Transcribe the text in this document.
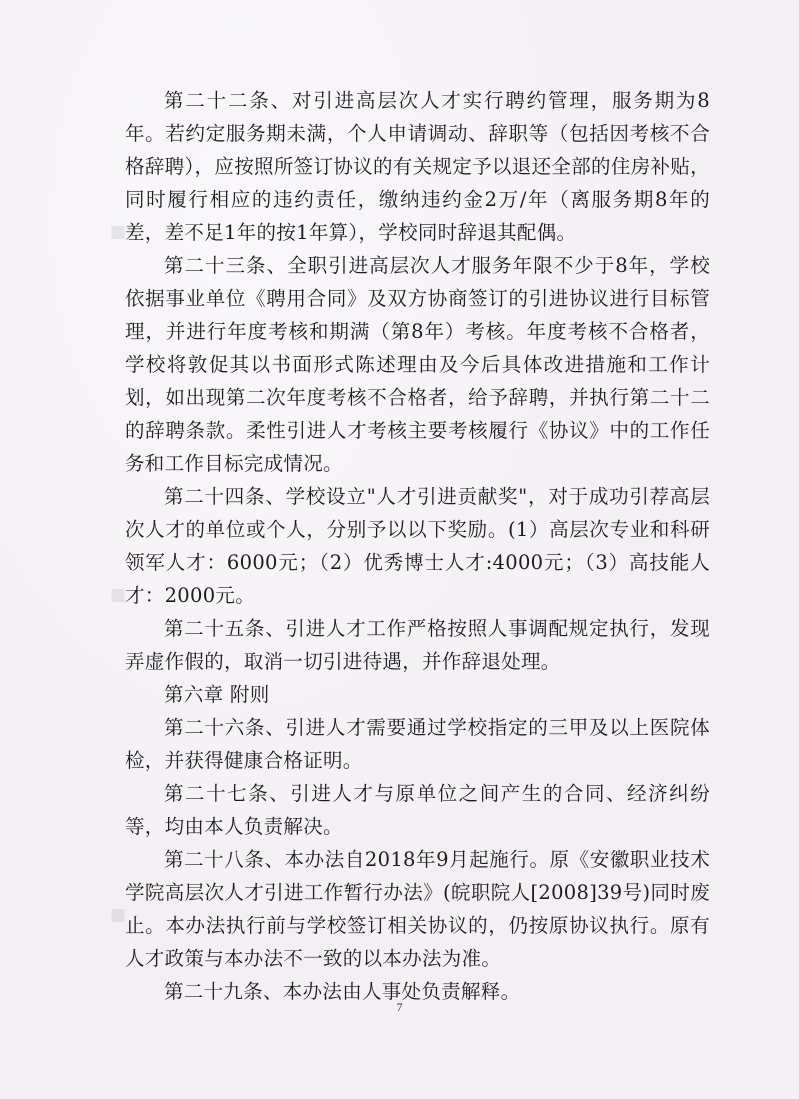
■
■
■

第二十二条、对引进高层次人才实行聘约管理，服务期为8年。若约定服务期未满，个人申请调动、辞职等（包括因考核不合格辞聘），应按照所签订协议的有关规定予以退还全部的住房补贴，同时履行相应的违约责任，缴纳违约金2万/年（离服务期8年的差，差不足1年的按1年算），学校同时辞退其配偶。

第二十三条、全职引进高层次人才服务年限不少于8年，学校依据事业单位《聘用合同》及双方协商签订的引进协议进行目标管理，并进行年度考核和期满（第8年）考核。年度考核不合格者，学校将敦促其以书面形式陈述理由及今后具体改进措施和工作计划，如出现第二次年度考核不合格者，给予辞聘，并执行第二十二的辞聘条款。柔性引进人才考核主要考核履行《协议》中的工作任务和工作目标完成情况。

第二十四条、学校设立"人才引进贡献奖"，对于成功引荐高层次人才的单位或个人，分别予以以下奖励。(1）高层次专业和科研领军人才：6000元；（2）优秀博士人才:4000元；（3）高技能人才：2000元。

第二十五条、引进人才工作严格按照人事调配规定执行，发现弄虚作假的，取消一切引进待遇，并作辞退处理。

第六章 附则

第二十六条、引进人才需要通过学校指定的三甲及以上医院体检，并获得健康合格证明。

第二十七条、引进人才与原单位之间产生的合同、经济纠纷等，均由本人负责解决。

第二十八条、本办法自2018年9月起施行。原《安徽职业技术学院高层次人才引进工作暂行办法》(皖职院人[2008]39号)同时废止。本办法执行前与学校签订相关协议的，仍按原协议执行。原有人才政策与本办法不一致的以本办法为准。

第二十九条、本办法由人事处负责解释。

7
